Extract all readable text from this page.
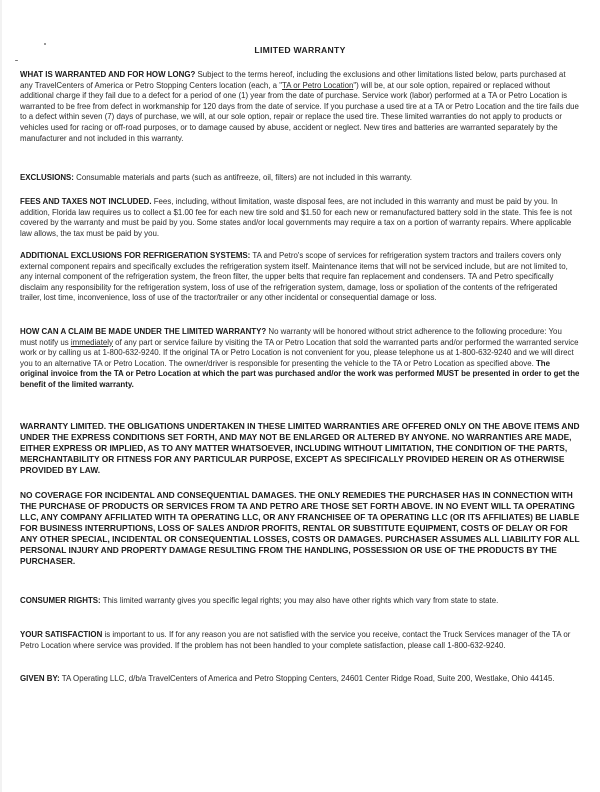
LIMITED WARRANTY
WHAT IS WARRANTED AND FOR HOW LONG? Subject to the terms hereof, including the exclusions and other limitations listed below, parts purchased at any TravelCenters of America or Petro Stopping Centers location (each, a "TA or Petro Location") will be, at our sole option, repaired or replaced without additional charge if they fail due to a defect for a period of one (1) year from the date of purchase. Service work (labor) performed at a TA or Petro Location is warranted to be free from defect in workmanship for 120 days from the date of service. If you purchase a used tire at a TA or Petro Location and the tire fails due to a defect within seven (7) days of purchase, we will, at our sole option, repair or replace the used tire. These limited warranties do not apply to products or vehicles used for racing or off-road purposes, or to damage caused by abuse, accident or neglect. New tires and batteries are warranted separately by the manufacturer and not included in this warranty.
EXCLUSIONS: Consumable materials and parts (such as antifreeze, oil, filters) are not included in this warranty.
FEES AND TAXES NOT INCLUDED. Fees, including, without limitation, waste disposal fees, are not included in this warranty and must be paid by you. In addition, Florida law requires us to collect a $1.00 fee for each new tire sold and $1.50 for each new or remanufactured battery sold in the state. This fee is not covered by the warranty and must be paid by you. Some states and/or local governments may require a tax on a portion of warranty repairs. Where applicable law allows, the tax must be paid by you.
ADDITIONAL EXCLUSIONS FOR REFRIGERATION SYSTEMS: TA and Petro's scope of services for refrigeration system tractors and trailers covers only external component repairs and specifically excludes the refrigeration system itself. Maintenance items that will not be serviced include, but are not limited to, any internal component of the refrigeration system, the freon filter, the upper belts that require fan replacement and condensers. TA and Petro specifically disclaim any responsibility for the refrigeration system, loss of use of the refrigeration system, damage, loss or spoliation of the contents of the refrigerated trailer, lost time, inconvenience, loss of use of the tractor/trailer or any other incidental or consequential damage or loss.
HOW CAN A CLAIM BE MADE UNDER THE LIMITED WARRANTY? No warranty will be honored without strict adherence to the following procedure: You must notify us immediately of any part or service failure by visiting the TA or Petro Location that sold the warranted parts and/or performed the warranted service work or by calling us at 1-800-632-9240. If the original TA or Petro Location is not convenient for you, please telephone us at 1-800-632-9240 and we will direct you to an alternative TA or Petro Location. The owner/driver is responsible for presenting the vehicle to the TA or Petro Location as specified above. The original invoice from the TA or Petro Location at which the part was purchased and/or the work was performed MUST be presented in order to get the benefit of the limited warranty.
WARRANTY LIMITED. THE OBLIGATIONS UNDERTAKEN IN THESE LIMITED WARRANTIES ARE OFFERED ONLY ON THE ABOVE ITEMS AND UNDER THE EXPRESS CONDITIONS SET FORTH, AND MAY NOT BE ENLARGED OR ALTERED BY ANYONE. NO WARRANTIES ARE MADE, EITHER EXPRESS OR IMPLIED, AS TO ANY MATTER WHATSOEVER, INCLUDING WITHOUT LIMITATION, THE CONDITION OF THE PARTS, MERCHANTABILITY OR FITNESS FOR ANY PARTICULAR PURPOSE, EXCEPT AS SPECIFICALLY PROVIDED HEREIN OR AS OTHERWISE PROVIDED BY LAW.
NO COVERAGE FOR INCIDENTAL AND CONSEQUENTIAL DAMAGES. THE ONLY REMEDIES THE PURCHASER HAS IN CONNECTION WITH THE PURCHASE OF PRODUCTS OR SERVICES FROM TA AND PETRO ARE THOSE SET FORTH ABOVE. IN NO EVENT WILL TA OPERATING LLC, ANY COMPANY AFFILIATED WITH TA OPERATING LLC, OR ANY FRANCHISEE OF TA OPERATING LLC (OR ITS AFFILIATES) BE LIABLE FOR BUSINESS INTERRUPTIONS, LOSS OF SALES AND/OR PROFITS, RENTAL OR SUBSTITUTE EQUIPMENT, COSTS OF DELAY OR FOR ANY OTHER SPECIAL, INCIDENTAL OR CONSEQUENTIAL LOSSES, COSTS OR DAMAGES. PURCHASER ASSUMES ALL LIABILITY FOR ALL PERSONAL INJURY AND PROPERTY DAMAGE RESULTING FROM THE HANDLING, POSSESSION OR USE OF THE PRODUCTS BY THE PURCHASER.
CONSUMER RIGHTS: This limited warranty gives you specific legal rights; you may also have other rights which vary from state to state.
YOUR SATISFACTION is important to us. If for any reason you are not satisfied with the service you receive, contact the Truck Services manager of the TA or Petro Location where service was provided. If the problem has not been handled to your complete satisfaction, please call 1-800-632-9240.
GIVEN BY: TA Operating LLC, d/b/a TravelCenters of America and Petro Stopping Centers, 24601 Center Ridge Road, Suite 200, Westlake, Ohio 44145.
